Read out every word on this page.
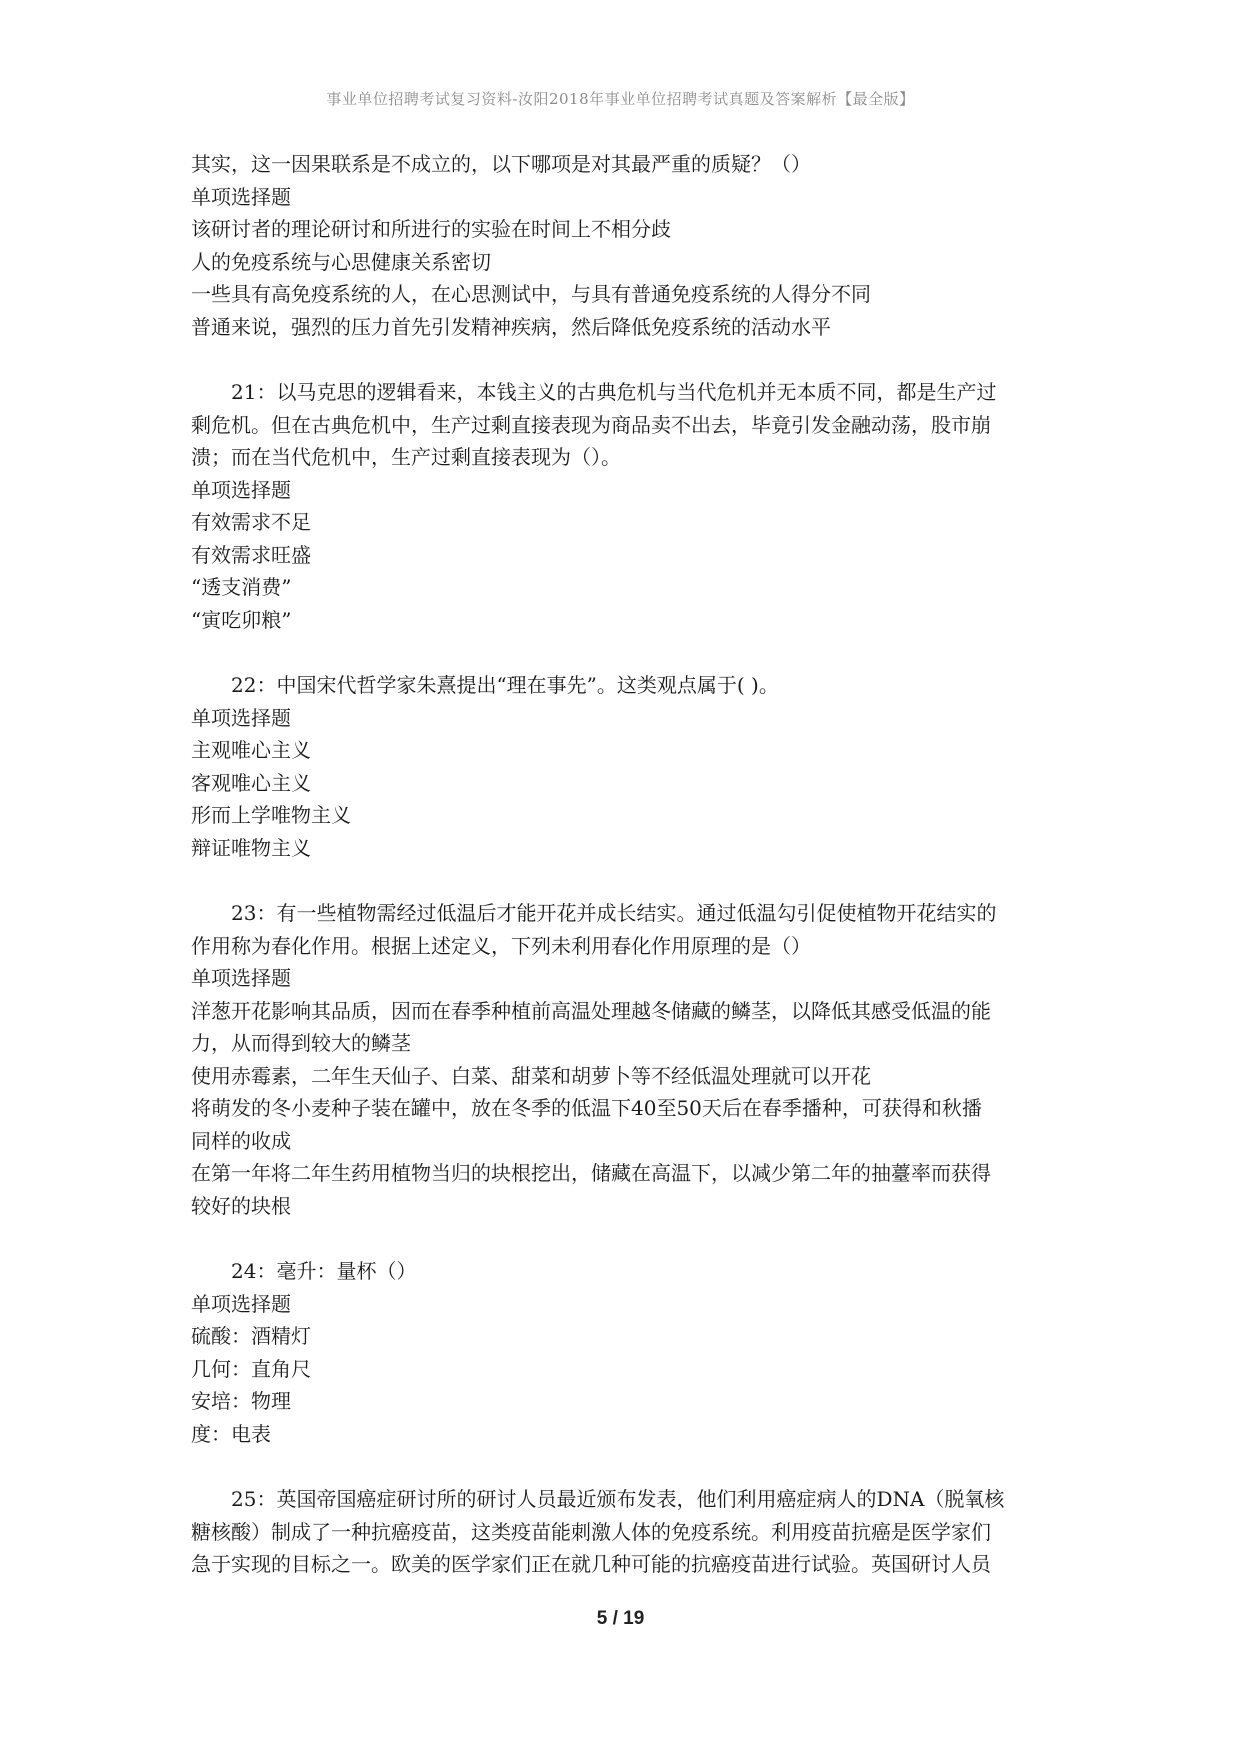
事业单位招聘考试复习资料-汝阳2018年事业单位招聘考试真题及答案解析【最全版】
其实，这一因果联系是不成立的，以下哪项是对其最严重的质疑？（）
单项选择题
该研讨者的理论研讨和所进行的实验在时间上不相分歧
人的免疫系统与心思健康关系密切
一些具有高免疫系统的人，在心思测试中，与具有普通免疫系统的人得分不同
普通来说，强烈的压力首先引发精神疾病，然后降低免疫系统的活动水平
21：以马克思的逻辑看来，本钱主义的古典危机与当代危机并无本质不同，都是生产过
剩危机。但在古典危机中，生产过剩直接表现为商品卖不出去，毕竟引发金融动荡，股市崩
溃；而在当代危机中，生产过剩直接表现为（）。
单项选择题
有效需求不足
有效需求旺盛
“透支消费”
“寅吃卯粮”
22：中国宋代哲学家朱熹提出“理在事先”。这类观点属于( )。
单项选择题
主观唯心主义
客观唯心主义
形而上学唯物主义
辩证唯物主义
23：有一些植物需经过低温后才能开花并成长结实。通过低温勾引促使植物开花结实的
作用称为春化作用。根据上述定义，下列未利用春化作用原理的是（）
单项选择题
洋葱开花影响其品质，因而在春季种植前高温处理越冬储藏的鳞茎，以降低其感受低温的能
力，从而得到较大的鳞茎
使用赤霉素，二年生天仙子、白菜、甜菜和胡萝卜等不经低温处理就可以开花
将萌发的冬小麦种子装在罐中，放在冬季的低温下40至50天后在春季播种，可获得和秋播
同样的收成
在第一年将二年生药用植物当归的块根挖出，储藏在高温下，以减少第二年的抽薹率而获得
较好的块根
24：毫升：量杯（）
单项选择题
硫酸：酒精灯
几何：直角尺
安培：物理
度：电表
25：英国帝国癌症研讨所的研讨人员最近颁布发表，他们利用癌症病人的DNA（脱氧核
糖核酸）制成了一种抗癌疫苗，这类疫苗能刺激人体的免疫系统。利用疫苗抗癌是医学家们
急于实现的目标之一。欧美的医学家们正在就几种可能的抗癌疫苗进行试验。英国研讨人员
5 / 19
